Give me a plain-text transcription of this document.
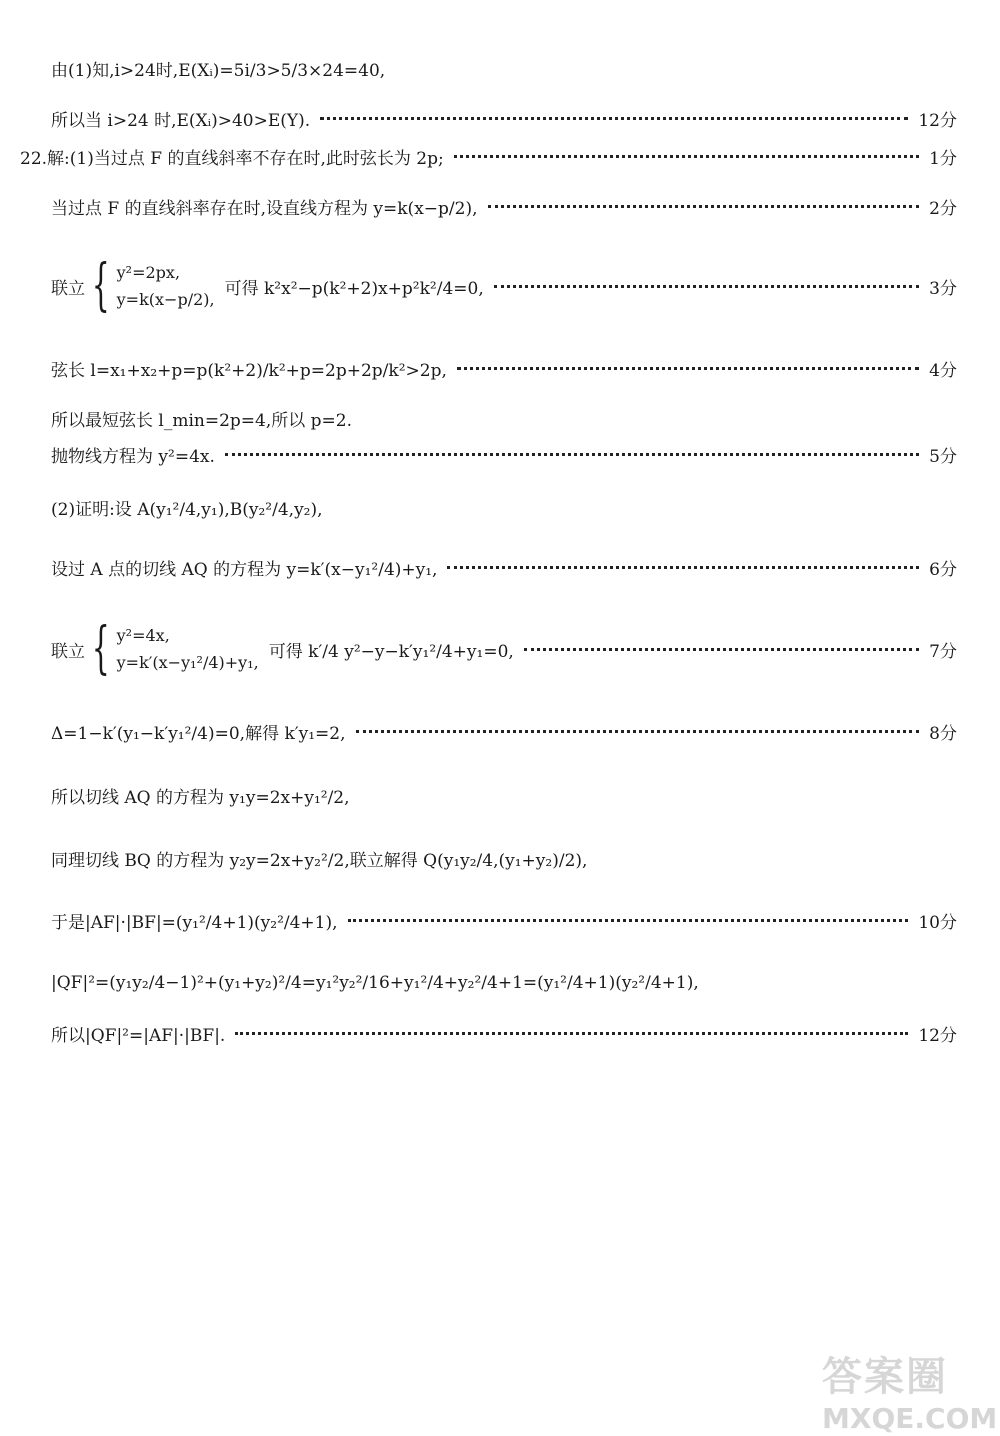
由(1)知,i>24时,E(Xᵢ)=5i/3>5/3×24=40,
所以当 i>24 时,E(Xᵢ)>40>E(Y).	12分
22.解:(1)当过点 F 的直线斜率不存在时,此时弦长为 2p;	1分
当过点 F 的直线斜率存在时,设直线方程为 y=k(x−p/2),	2分
联立 { y²=2px,
y=k(x−p/2),
可得 k²x²−p(k²+2)x+p²k²/4=0,	3分
弦长 l=x₁+x₂+p=p(k²+2)/k²+p=2p+2p/k²>2p,	4分
所以最短弦长 l_min=2p=4,所以 p=2.
抛物线方程为 y²=4x.	5分
(2)证明:设 A(y₁²/4,y₁),B(y₂²/4,y₂),
设过 A 点的切线 AQ 的方程为 y=k′(x−y₁²/4)+y₁,	6分
联立 { y²=4x,
y=k′(x−y₁²/4)+y₁,
可得 k′/4 y²−y−k′y₁²/4+y₁=0,	7分
Δ=1−k′(y₁−k′y₁²/4)=0,解得 k′y₁=2,	8分
所以切线 AQ 的方程为 y₁y=2x+y₁²/2,
同理切线 BQ 的方程为 y₂y=2x+y₂²/2,联立解得 Q(y₁y₂/4,(y₁+y₂)/2),
于是|AF|·|BF|=(y₁²/4+1)(y₂²/4+1),	10分
|QF|²=(y₁y₂/4−1)²+(y₁+y₂)²/4=y₁²y₂²/16+y₁²/4+y₂²/4+1=(y₁²/4+1)(y₂²/4+1),
所以|QF|²=|AF|·|BF|.	12分
答案圈
MXQE.COM
